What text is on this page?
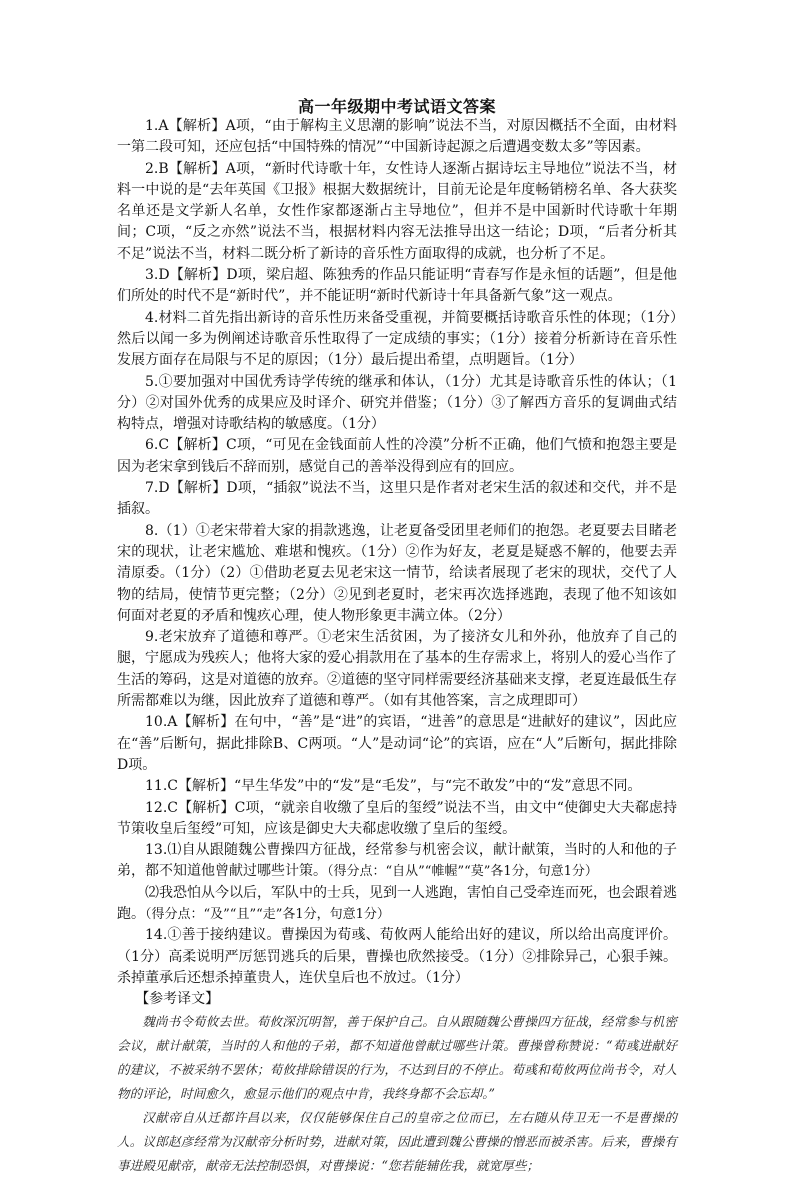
高一年级期中考试语文答案

1.A【解析】A项，“由于解构主义思潮的影响”说法不当，对原因概括不全面，由材料一第二段可知，还应包括“中国特殊的情况”“中国新诗起源之后遭遇变数太多”等因素。

2.B【解析】A项，“新时代诗歌十年，女性诗人逐渐占据诗坛主导地位”说法不当，材料一中说的是“去年英国《卫报》根据大数据统计，目前无论是年度畅销榜名单、各大获奖名单还是文学新人名单，女性作家都逐渐占主导地位”，但并不是中国新时代诗歌十年期间；C项，“反之亦然”说法不当，根据材料内容无法推导出这一结论；D项，“后者分析其不足”说法不当，材料二既分析了新诗的音乐性方面取得的成就，也分析了不足。

3.D【解析】D项，梁启超、陈独秀的作品只能证明“青春写作是永恒的话题”，但是他们所处的时代不是“新时代”，并不能证明“新时代新诗十年具备新气象”这一观点。

4.材料二首先指出新诗的音乐性历来备受重视，并简要概括诗歌音乐性的体现；（1分）然后以闻一多为例阐述诗歌音乐性取得了一定成绩的事实；（1分）接着分析新诗在音乐性发展方面存在局限与不足的原因；（1分）最后提出希望，点明题旨。（1分）

5.①要加强对中国优秀诗学传统的继承和体认，（1分）尤其是诗歌音乐性的体认；（1分）②对国外优秀的成果应及时译介、研究并借鉴；（1分）③了解西方音乐的复调曲式结构特点，增强对诗歌结构的敏感度。（1分）

6.C【解析】C项，“可见在金钱面前人性的冷漠”分析不正确，他们气愤和抱怨主要是因为老宋拿到钱后不辞而别，感觉自己的善举没得到应有的回应。

7.D【解析】D项，“插叙”说法不当，这里只是作者对老宋生活的叙述和交代，并不是插叙。

8.（1）①老宋带着大家的捐款逃逸，让老夏备受团里老师们的抱怨。老夏要去目睹老宋的现状，让老宋尴尬、难堪和愧疚。（1分）②作为好友，老夏是疑惑不解的，他要去弄清原委。（1分）（2）①借助老夏去见老宋这一情节，给读者展现了老宋的现状，交代了人物的结局，使情节更完整；（2分）②见到老夏时，老宋再次选择逃跑，表现了他不知该如何面对老夏的矛盾和愧疚心理，使人物形象更丰满立体。（2分）

9.老宋放弃了道德和尊严。①老宋生活贫困，为了接济女儿和外孙，他放弃了自己的腿，宁愿成为残疾人；他将大家的爱心捐款用在了基本的生存需求上，将别人的爱心当作了生活的筹码，这是对道德的放弃。②道德的坚守同样需要经济基础来支撑，老夏连最低生存所需都难以为继，因此放弃了道德和尊严。（如有其他答案，言之成理即可）

10.A【解析】在句中，“善”是“进”的宾语，“进善”的意思是“进献好的建议”，因此应在“善”后断句，据此排除B、C两项。“人”是动词“论”的宾语，应在“人”后断句，据此排除D项。

11.C【解析】“早生华发”中的“发”是“毛发”，与“完不敢发”中的“发”意思不同。

12.C【解析】C项，“就亲自收缴了皇后的玺绶”说法不当，由文中“使御史大夫郗虑持节策收皇后玺绶”可知，应该是御史大夫郗虑收缴了皇后的玺绶。

13.⑴自从跟随魏公曹操四方征战，经常参与机密会议，献计献策，当时的人和他的子弟，都不知道他曾献过哪些计策。（得分点：“自从”“帷幄”“莫”各1分，句意1分）

⑵我恐怕从今以后，军队中的士兵，见到一人逃跑，害怕自己受牵连而死，也会跟着逃跑。（得分点：“及”“且”“走”各1分，句意1分）

14.①善于接纳建议。曹操因为荀彧、荀攸两人能给出好的建议，所以给出高度评价。（1分）高柔说明严厉惩罚逃兵的后果，曹操也欣然接受。（1分）②排除异己，心狠手辣。杀掉董承后还想杀掉董贵人，连伏皇后也不放过。（1分）

【参考译文】

魏尚书令荀攸去世。荀攸深沉明智，善于保护自己。自从跟随魏公曹操四方征战，经常参与机密会议，献计献策，当时的人和他的子弟，都不知道他曾献过哪些计策。曹操曾称赞说：“荀彧进献好的建议，不被采纳不罢休；荀攸排除错误的行为，不达到目的不停止。荀彧和荀攸两位尚书令，对人物的评论，时间愈久，愈显示他们的观点中肯，我终身都不会忘却。”

汉献帝自从迁都许昌以来，仅仅能够保住自己的皇帝之位而已，左右随从侍卫无一不是曹操的人。议郎赵彦经常为汉献帝分析时势，进献对策，因此遭到魏公曹操的憎恶而被杀害。后来，曹操有事进殿见献帝，献帝无法控制恐惧，对曹操说：“您若能辅佐我，就宽厚些；
